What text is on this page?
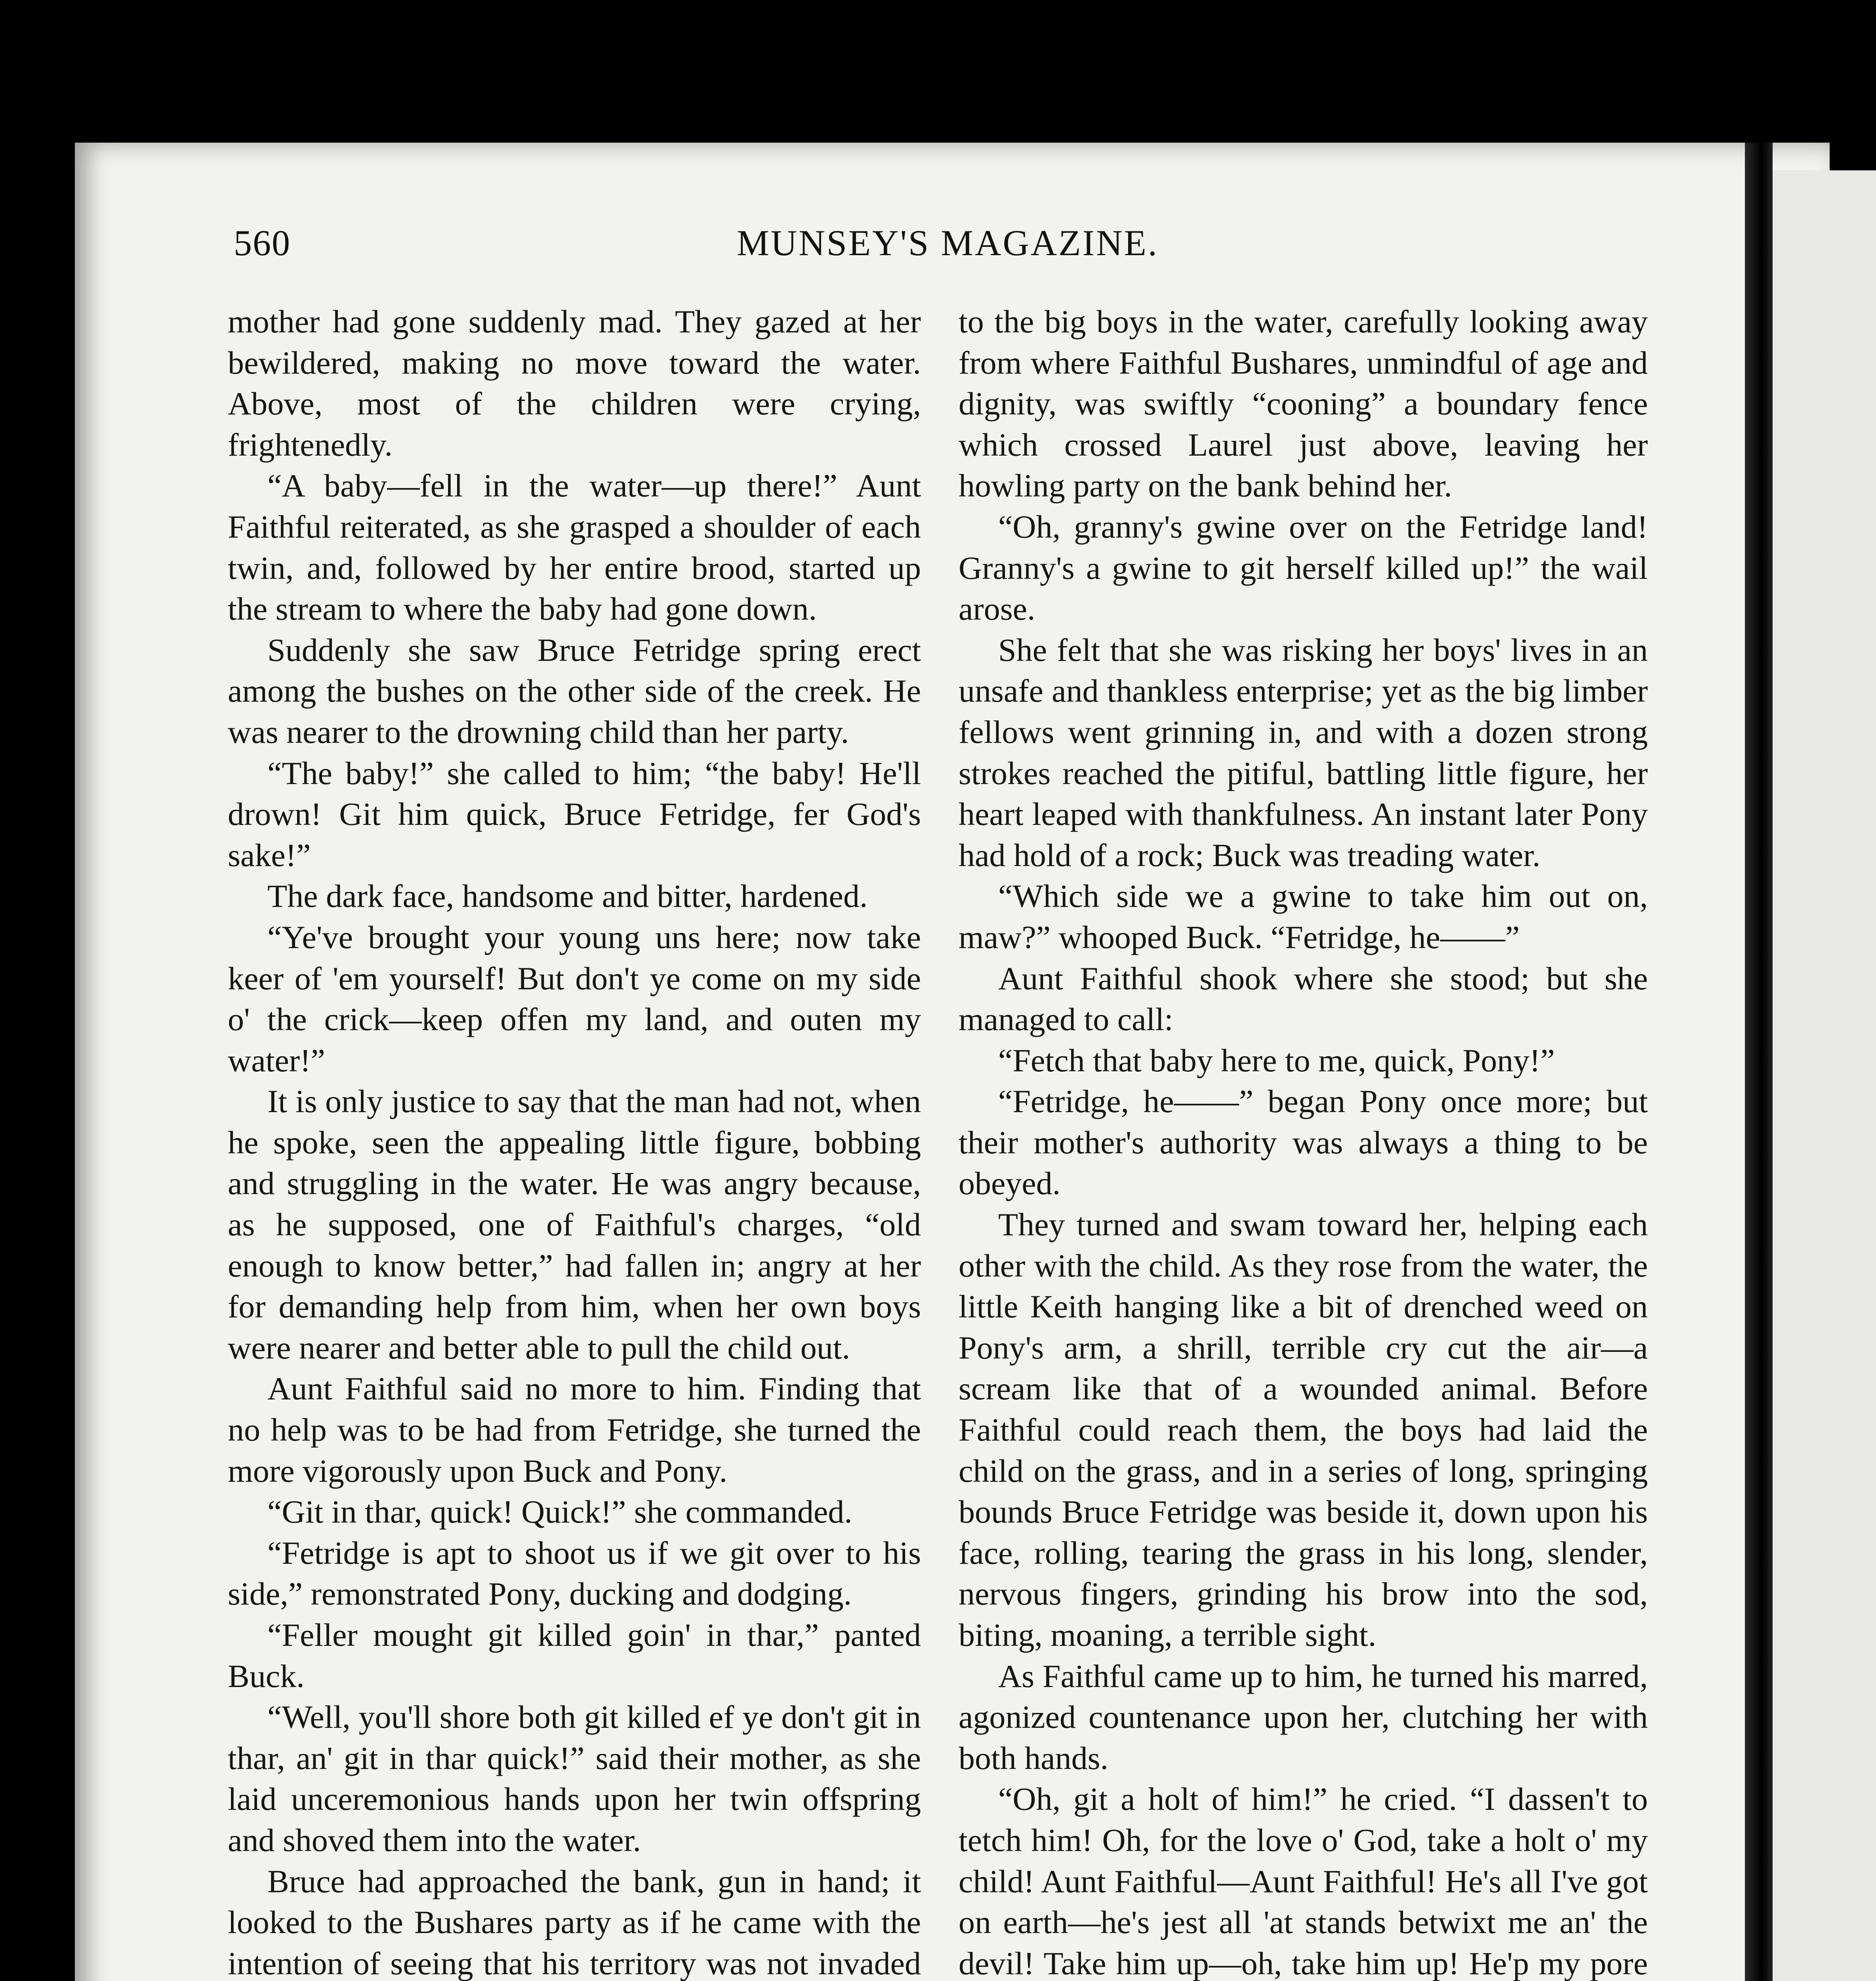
560	MUNSEY'S MAGAZINE.

mother had gone suddenly mad. They gazed at her bewildered, making no move toward the water. Above, most of the children were crying, frightenedly.

“A baby—fell in the water—up there!” Aunt Faithful reiterated, as she grasped a shoulder of each twin, and, followed by her entire brood, started up the stream to where the baby had gone down.

Suddenly she saw Bruce Fetridge spring erect among the bushes on the other side of the creek. He was nearer to the drowning child than her party.

“The baby!” she called to him; “the baby! He'll drown! Git him quick, Bruce Fetridge, fer God's sake!”

The dark face, handsome and bitter, hardened.

“Ye've brought your young uns here; now take keer of 'em yourself! But don't ye come on my side o' the crick—keep offen my land, and outen my water!”

It is only justice to say that the man had not, when he spoke, seen the appealing little figure, bobbing and struggling in the water. He was angry because, as he supposed, one of Faithful's charges, “old enough to know better,” had fallen in; angry at her for demanding help from him, when her own boys were nearer and better able to pull the child out.

Aunt Faithful said no more to him. Finding that no help was to be had from Fetridge, she turned the more vigorously upon Buck and Pony.

“Git in thar, quick! Quick!” she commanded.

“Fetridge is apt to shoot us if we git over to his side,” remonstrated Pony, ducking and dodging.

“Feller mought git killed goin' in thar,” panted Buck.

“Well, you'll shore both git killed ef ye don't git in thar, an' git in thar quick!” said their mother, as she laid unceremonious hands upon her twin offspring and shoved them into the water.

Bruce had approached the bank, gun in hand; it looked to the Bushares party as if he came with the intention of seeing that his territory was not invaded

to the big boys in the water, carefully looking away from where Faithful Bushares, unmindful of age and dignity, was swiftly “cooning” a boundary fence which crossed Laurel just above, leaving her howling party on the bank behind her.

“Oh, granny's gwine over on the Fetridge land! Granny's a gwine to git herself killed up!” the wail arose.

She felt that she was risking her boys' lives in an unsafe and thankless enterprise; yet as the big limber fellows went grinning in, and with a dozen strong strokes reached the pitiful, battling little figure, her heart leaped with thankfulness. An instant later Pony had hold of a rock; Buck was treading water.

“Which side we a gwine to take him out on, maw?” whooped Buck. “Fetridge, he——”

Aunt Faithful shook where she stood; but she managed to call:

“Fetch that baby here to me, quick, Pony!”

“Fetridge, he——” began Pony once more; but their mother's authority was always a thing to be obeyed.

They turned and swam toward her, helping each other with the child. As they rose from the water, the little Keith hanging like a bit of drenched weed on Pony's arm, a shrill, terrible cry cut the air—a scream like that of a wounded animal. Before Faithful could reach them, the boys had laid the child on the grass, and in a series of long, springing bounds Bruce Fetridge was beside it, down upon his face, rolling, tearing the grass in his long, slender, nervous fingers, grinding his brow into the sod, biting, moaning, a terrible sight.

As Faithful came up to him, he turned his marred, agonized countenance upon her, clutching her with both hands.

“Oh, git a holt of him!” he cried. “I dassen't to tetch him! Oh, for the love o' God, take a holt o' my child! Aunt Faithful—Aunt Faithful! He's all I've got on earth—he's jest all 'at stands betwixt me an' the devil! Take him up—oh, take him up! He'p my pore
